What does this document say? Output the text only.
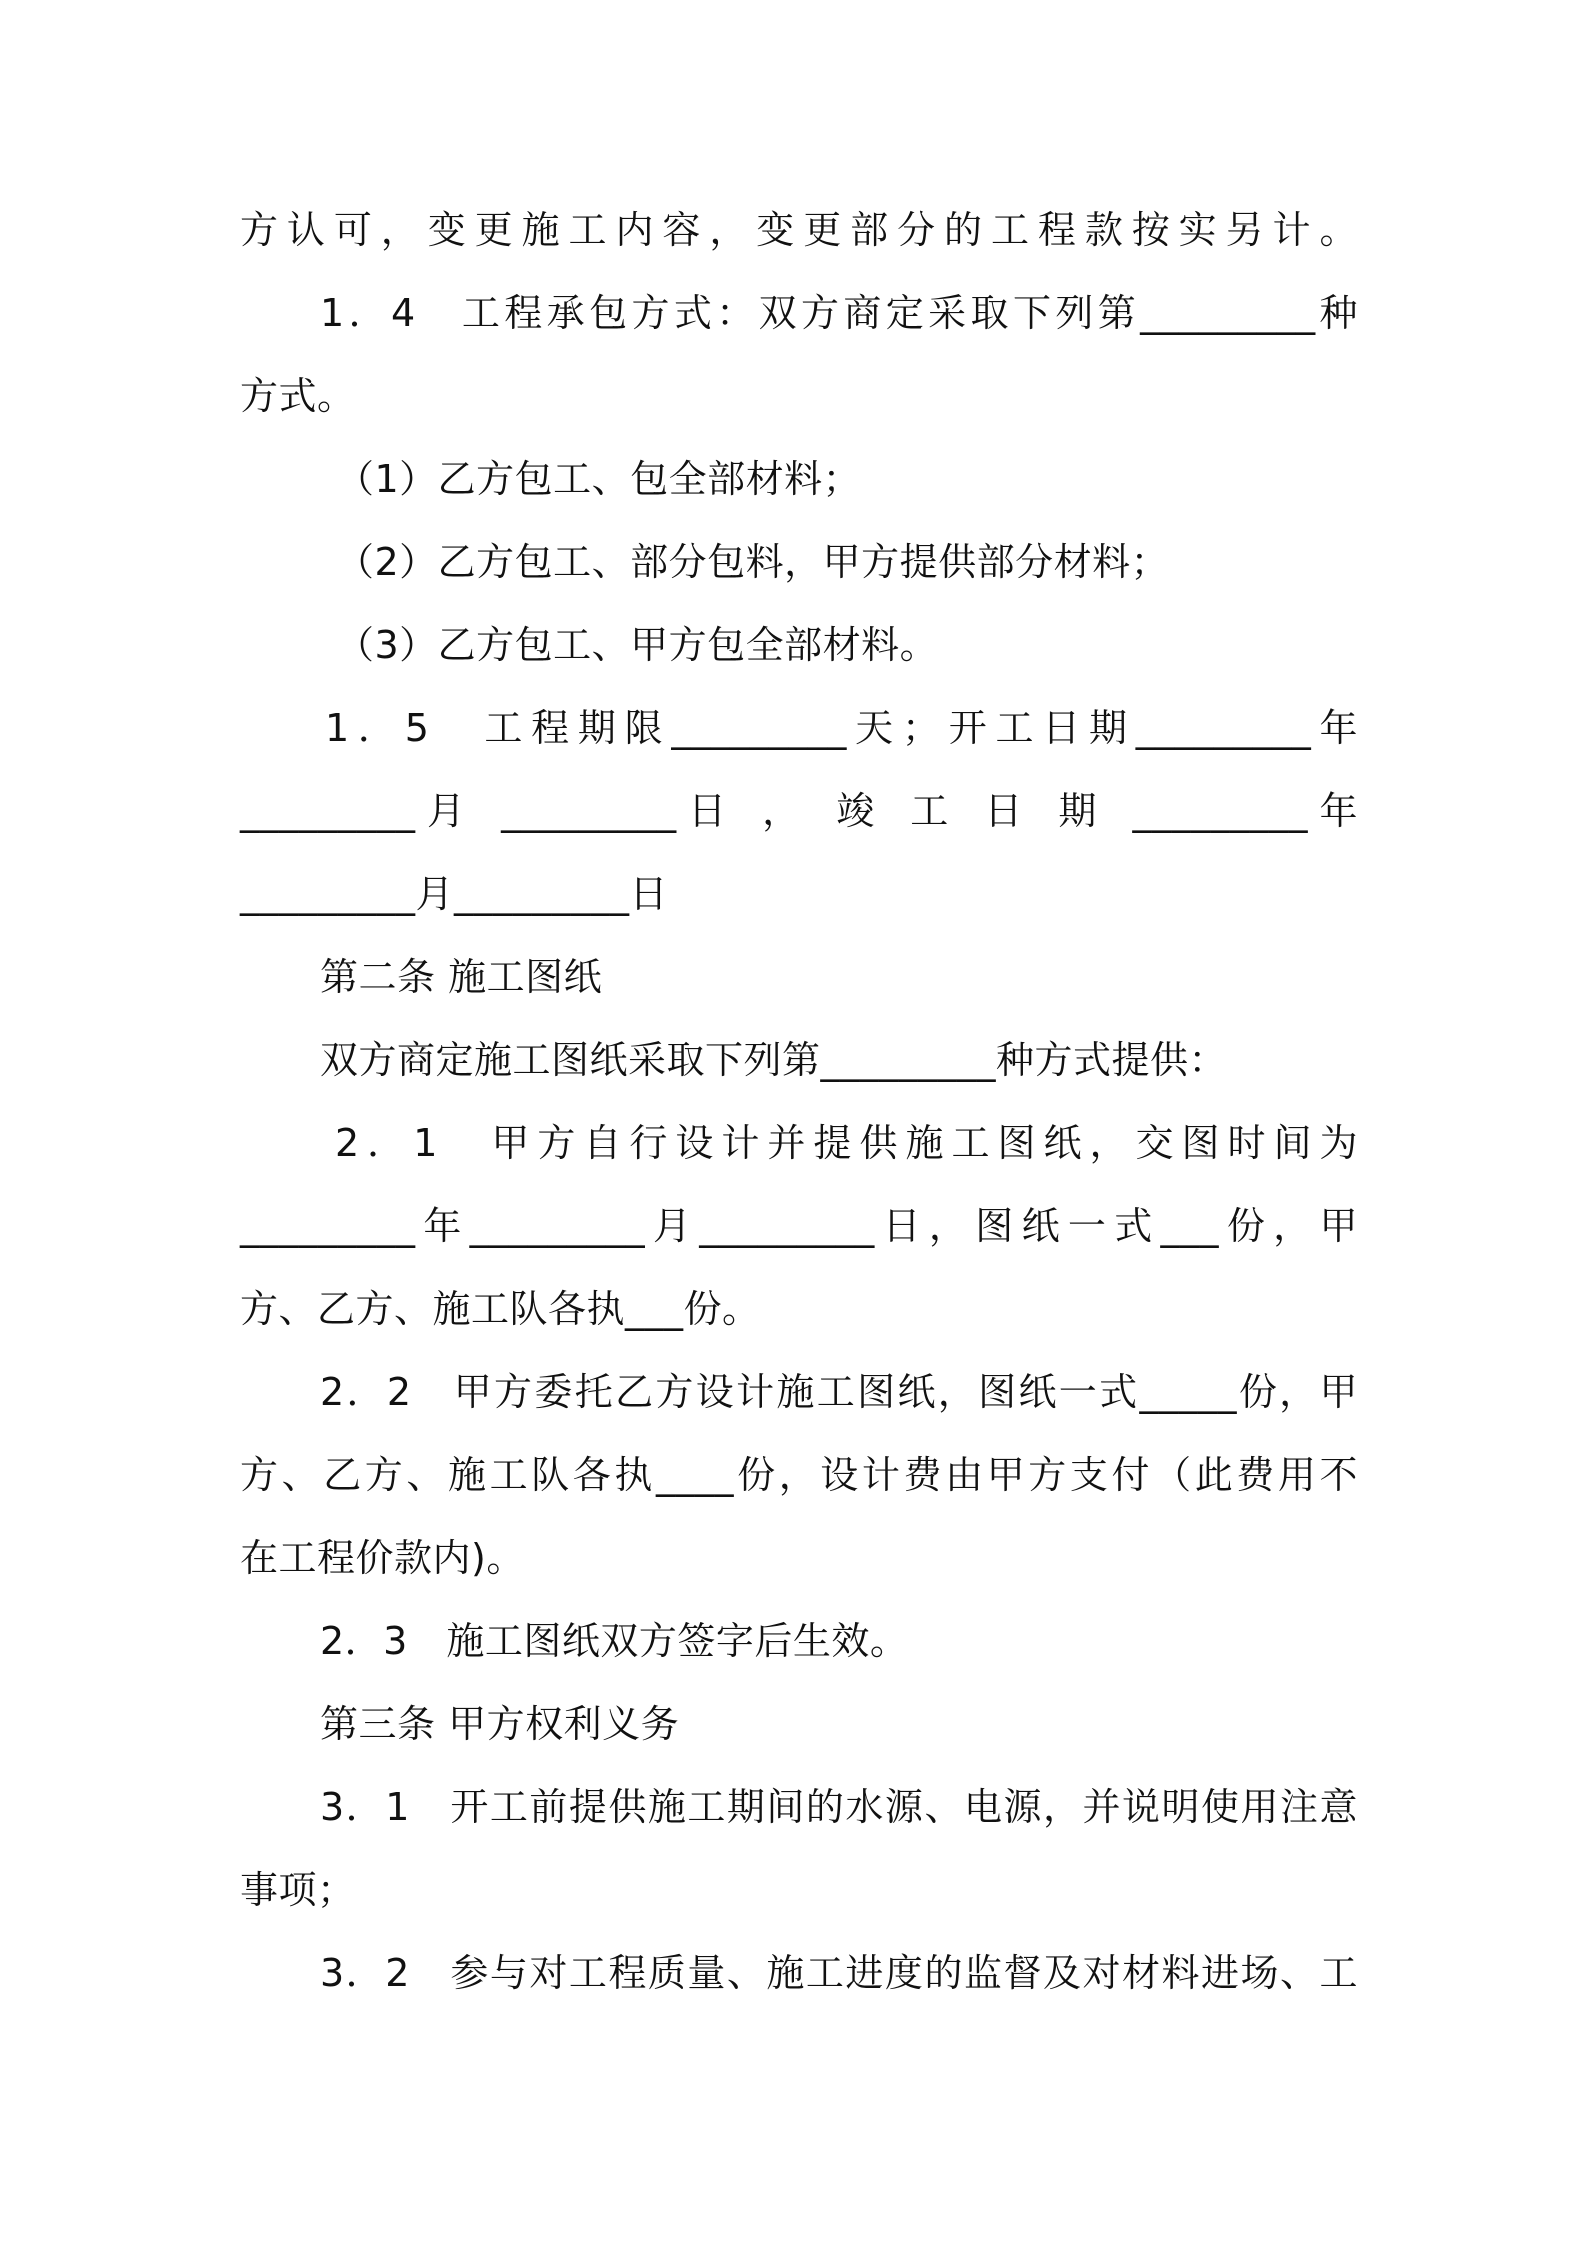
方认可，变更施工内容，变更部分的工程款按实另计。
1．4　工程承包方式：双方商定采取下列第_________种
方式。
（1）乙方包工、包全部材料；
（2）乙方包工、部分包料，甲方提供部分材料；
（3）乙方包工、甲方包全部材料。
1．5　工程期限_________天；开工日期_________年
_________月 _________日 ， 竣 工 日 期 _________年
_________月_________日
第二条 施工图纸
双方商定施工图纸采取下列第_________种方式提供：
2．1　甲方自行设计并提供施工图纸，交图时间为
_________年_________月_________日，图纸一式___份，甲
方、乙方、施工队各执___份。
2．2　甲方委托乙方设计施工图纸，图纸一式_____份，甲
方、乙方、施工队各执____份，设计费由甲方支付（此费用不
在工程价款内)。
2．3　施工图纸双方签字后生效。
第三条 甲方权利义务
3．1　开工前提供施工期间的水源、电源，并说明使用注意
事项；
3．2　参与对工程质量、施工进度的监督及对材料进场、工
